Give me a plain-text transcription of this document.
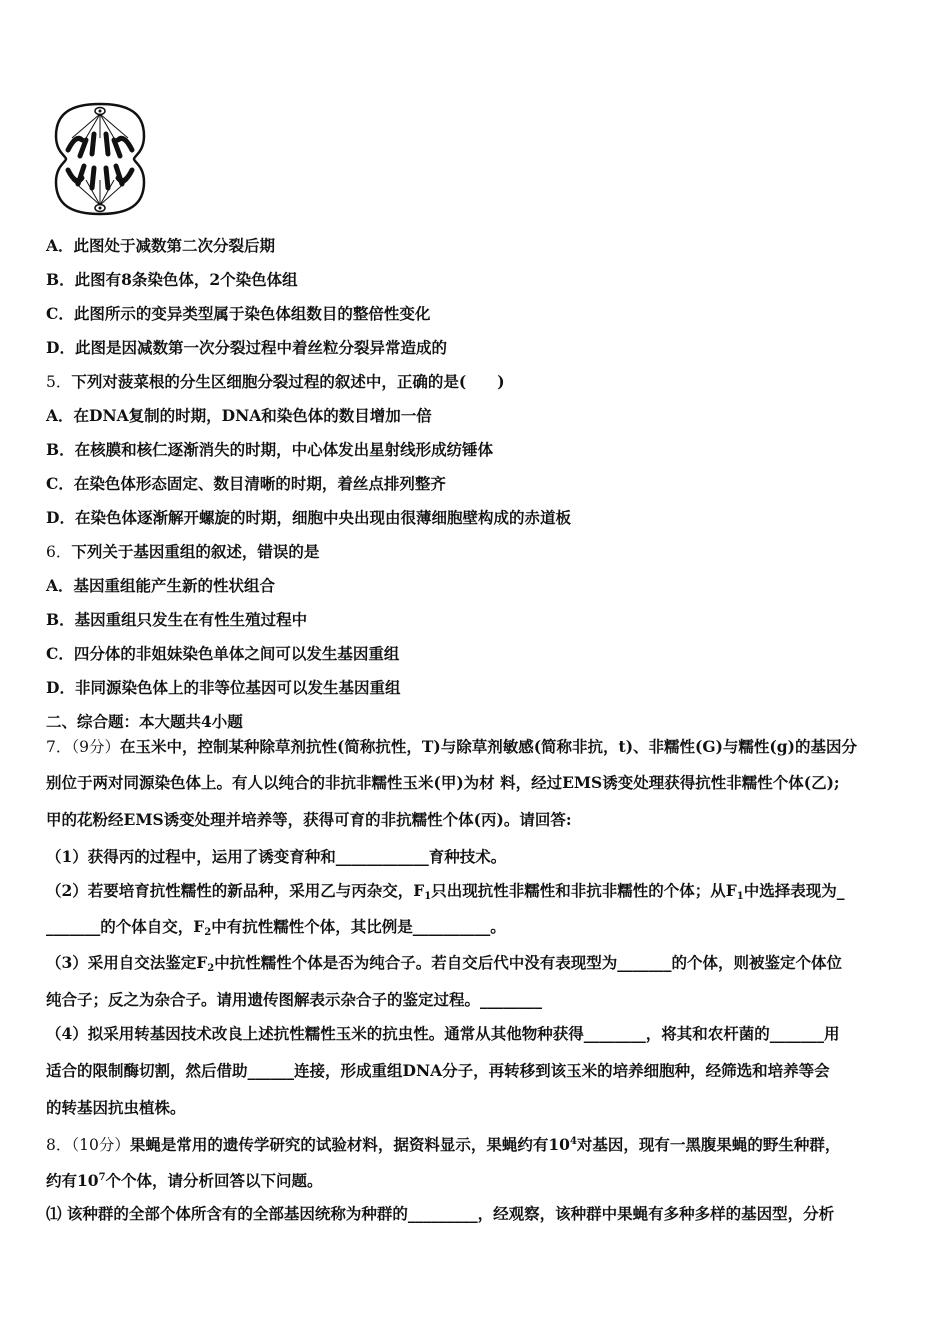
A．此图处于减数第二次分裂后期
B．此图有8条染色体，2个染色体组
C．此图所示的变异类型属于染色体组数目的整倍性变化
D．此图是因减数第一次分裂过程中着丝粒分裂异常造成的
5．下列对菠菜根的分生区细胞分裂过程的叙述中，正确的是(　　)
A．在DNA复制的时期，DNA和染色体的数目增加一倍
B．在核膜和核仁逐渐消失的时期，中心体发出星射线形成纺锤体
C．在染色体形态固定、数目清晰的时期，着丝点排列整齐
D．在染色体逐渐解开螺旋的时期，细胞中央出现由很薄细胞壁构成的赤道板
6．下列关于基因重组的叙述，错误的是
A．基因重组能产生新的性状组合
B．基因重组只发生在有性生殖过程中
C．四分体的非姐妹染色单体之间可以发生基因重组
D．非同源染色体上的非等位基因可以发生基因重组
二、综合题：本大题共4小题
7．（9分）在玉米中，控制某种除草剂抗性(简称抗性，T)与除草剂敏感(简称非抗，t)、非糯性(G)与糯性(g)的基因分
别位于两对同源染色体上。有人以纯合的非抗非糯性玉米(甲)为材 料，经过EMS诱变处理获得抗性非糯性个体(乙);
甲的花粉经EMS诱变处理并培养等，获得可育的非抗糯性个体(丙)。请回答:
（1）获得丙的过程中，运用了诱变育种和____________育种技术。
（2）若要培育抗性糯性的新品种，采用乙与丙杂交，$F_1$只出现抗性非糯性和非抗非糯性的个体；从$F_1$中选择表现为_
_______的个体自交，$F_2$中有抗性糯性个体，其比例是__________。
（3）采用自交法鉴定$F_2$中抗性糯性个体是否为纯合子。若自交后代中没有表现型为_______的个体，则被鉴定个体位
纯合子；反之为杂合子。请用遗传图解表示杂合子的鉴定过程。________
（4）拟采用转基因技术改良上述抗性糯性玉米的抗虫性。通常从其他物种获得________，将其和农杆菌的_______用
适合的限制酶切割，然后借助______连接，形成重组DNA分子，再转移到该玉米的培养细胞种，经筛选和培养等会
的转基因抗虫植株。
8．（10分）果蝇是常用的遗传学研究的试验材料，据资料显示，果蝇约有$10^4$对基因，现有一黑腹果蝇的野生种群，
约有$10^7$个个体，请分析回答以下问题。
⑴ 该种群的全部个体所含有的全部基因统称为种群的_________，经观察，该种群中果蝇有多种多样的基因型，分析
